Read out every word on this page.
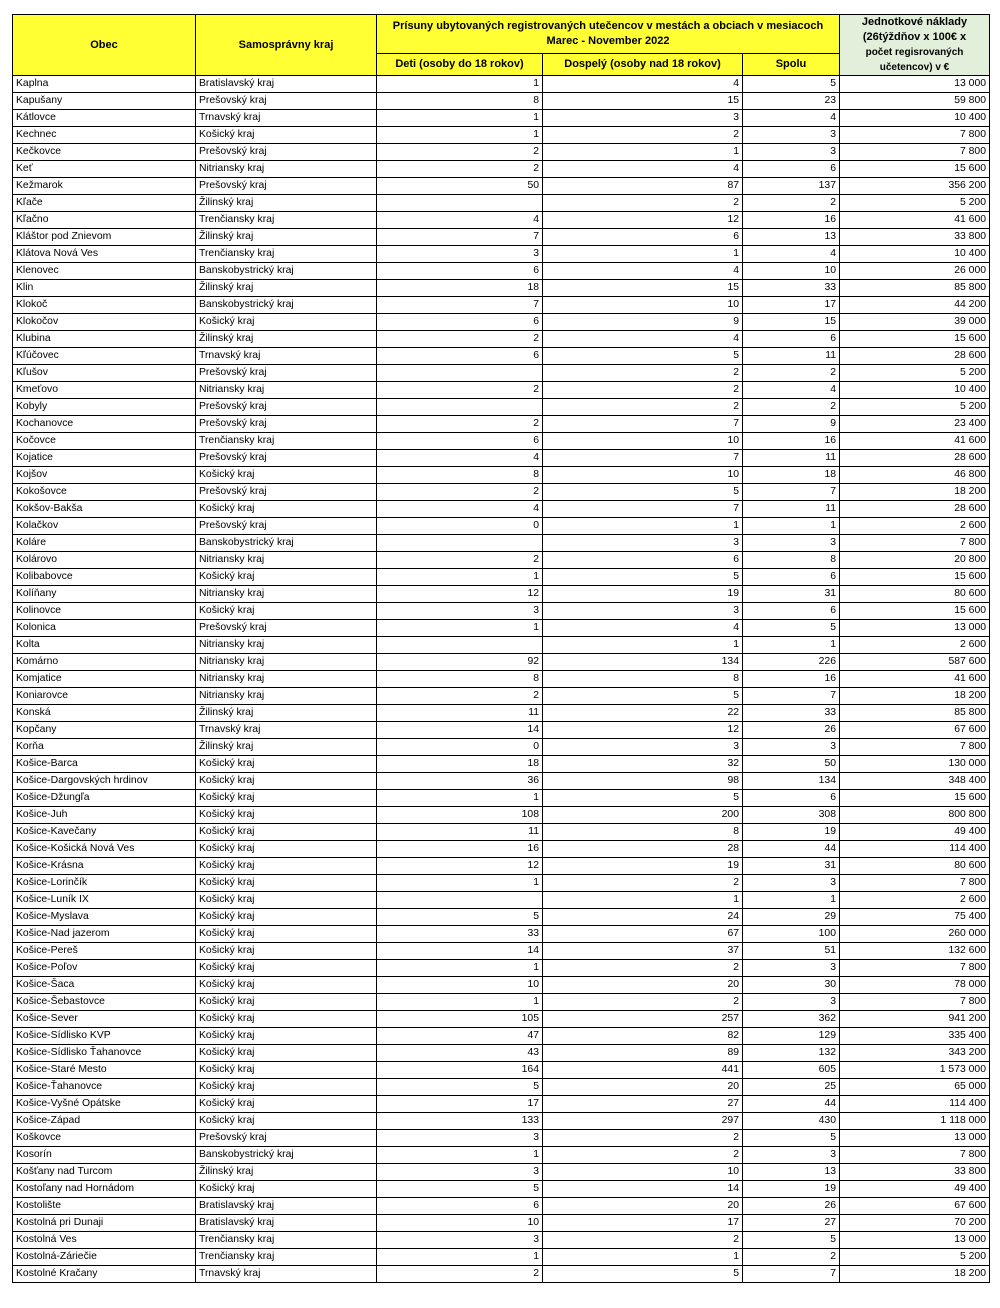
Obec	Samosprávny kraj	Prísuny ubytovaných registrovaných utečencov v mestách a obciach v mesiacoch Marec - November 2022			Jednotkové náklady (26týždňov x 100€ x
počet regisrovaných učetencov) v €

		Deti (osoby do 18 rokov)	Dospelý (osoby nad 18 rokov)	Spolu	
Kaplna	Bratislavský kraj	1	4	5	13 000
Kapušany	Prešovský kraj	8	15	23	59 800
Kátlovce	Trnavský kraj	1	3	4	10 400
Kechnec	Košický kraj	1	2	3	7 800
Kečkovce	Prešovský kraj	2	1	3	7 800
Keť	Nitriansky kraj	2	4	6	15 600
Kežmarok	Prešovský kraj	50	87	137	356 200
Kľače	Žilinský kraj		2	2	5 200
Kľačno	Trenčiansky kraj	4	12	16	41 600
Kláštor pod Znievom	Žilinský kraj	7	6	13	33 800
Klátova Nová Ves	Trenčiansky kraj	3	1	4	10 400
Klenovec	Banskobystrický kraj	6	4	10	26 000
Klin	Žilinský kraj	18	15	33	85 800
Klokoč	Banskobystrický kraj	7	10	17	44 200
Klokočov	Košický kraj	6	9	15	39 000
Klubina	Žilinský kraj	2	4	6	15 600
Kľúčovec	Trnavský kraj	6	5	11	28 600
Kľušov	Prešovský kraj		2	2	5 200
Kmeťovo	Nitriansky kraj	2	2	4	10 400
Kobyly	Prešovský kraj		2	2	5 200
Kochanovce	Prešovský kraj	2	7	9	23 400
Kočovce	Trenčiansky kraj	6	10	16	41 600
Kojatice	Prešovský kraj	4	7	11	28 600
Kojšov	Košický kraj	8	10	18	46 800
Kokošovce	Prešovský kraj	2	5	7	18 200
Kokšov-Bakša	Košický kraj	4	7	11	28 600
Kolačkov	Prešovský kraj	0	1	1	2 600
Koláre	Banskobystrický kraj		3	3	7 800
Kolárovo	Nitriansky kraj	2	6	8	20 800
Kolibabovce	Košický kraj	1	5	6	15 600
Kolíňany	Nitriansky kraj	12	19	31	80 600
Kolinovce	Košický kraj	3	3	6	15 600
Kolonica	Prešovský kraj	1	4	5	13 000
Kolta	Nitriansky kraj		1	1	2 600
Komárno	Nitriansky kraj	92	134	226	587 600
Komjatice	Nitriansky kraj	8	8	16	41 600
Koniarovce	Nitriansky kraj	2	5	7	18 200
Konská	Žilinský kraj	11	22	33	85 800
Kopčany	Trnavský kraj	14	12	26	67 600
Korňa	Žilinský kraj	0	3	3	7 800
Košice-Barca	Košický kraj	18	32	50	130 000
Košice-Dargovských hrdinov	Košický kraj	36	98	134	348 400
Košice-Džungľa	Košický kraj	1	5	6	15 600
Košice-Juh	Košický kraj	108	200	308	800 800
Košice-Kavečany	Košický kraj	11	8	19	49 400
Košice-Košická Nová Ves	Košický kraj	16	28	44	114 400
Košice-Krásna	Košický kraj	12	19	31	80 600
Košice-Lorinčík	Košický kraj	1	2	3	7 800
Košice-Luník IX	Košický kraj		1	1	2 600
Košice-Myslava	Košický kraj	5	24	29	75 400
Košice-Nad jazerom	Košický kraj	33	67	100	260 000
Košice-Pereš	Košický kraj	14	37	51	132 600
Košice-Poľov	Košický kraj	1	2	3	7 800
Košice-Šaca	Košický kraj	10	20	30	78 000
Košice-Šebastovce	Košický kraj	1	2	3	7 800
Košice-Sever	Košický kraj	105	257	362	941 200
Košice-Sídlisko KVP	Košický kraj	47	82	129	335 400
Košice-Sídlisko Ťahanovce	Košický kraj	43	89	132	343 200
Košice-Staré Mesto	Košický kraj	164	441	605	1 573 000
Košice-Ťahanovce	Košický kraj	5	20	25	65 000
Košice-Vyšné Opátske	Košický kraj	17	27	44	114 400
Košice-Západ	Košický kraj	133	297	430	1 118 000
Koškovce	Prešovský kraj	3	2	5	13 000
Kosorín	Banskobystrický kraj	1	2	3	7 800
Košťany nad Turcom	Žilinský kraj	3	10	13	33 800
Kostoľany nad Hornádom	Košický kraj	5	14	19	49 400
Kostolište	Bratislavský kraj	6	20	26	67 600
Kostolná pri Dunaji	Bratislavský kraj	10	17	27	70 200
Kostolná Ves	Trenčiansky kraj	3	2	5	13 000
Kostolná-Záriečie	Trenčiansky kraj	1	1	2	5 200
Kostolné Kračany	Trnavský kraj	2	5	7	18 200
